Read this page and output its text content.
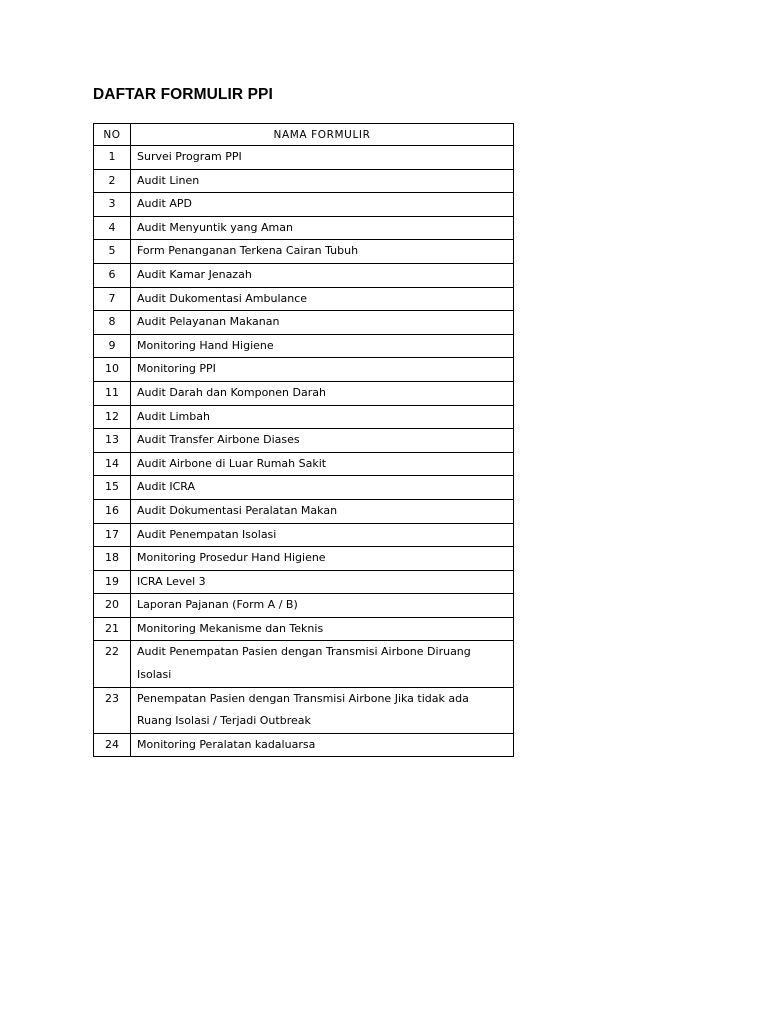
DAFTAR FORMULIR PPI
NO	NAMA FORMULIR
1	Survei Program PPI

2	Audit Linen

3	Audit APD

4	Audit Menyuntik yang Aman

5	Form Penanganan Terkena Cairan Tubuh

6	Audit Kamar Jenazah

7	Audit Dukomentasi Ambulance

8	Audit Pelayanan Makanan

9	Monitoring Hand Higiene

10	Monitoring PPI

11	Audit Darah dan Komponen Darah

12	Audit Limbah

13	Audit Transfer Airbone Diases

14	Audit Airbone di Luar Rumah Sakit

15	Audit ICRA

16	Audit Dokumentasi Peralatan Makan

17	Audit Penempatan Isolasi

18	Monitoring Prosedur Hand Higiene

19	ICRA Level 3

20	Laporan Pajanan (Form A / B)

21	Monitoring Mekanisme dan Teknis

22	Audit Penempatan Pasien dengan Transmisi Airbone Diruang Isolasi

23	Penempatan Pasien dengan Transmisi Airbone Jika tidak ada Ruang Isolasi / Terjadi Outbreak

24	Monitoring Peralatan kadaluarsa
